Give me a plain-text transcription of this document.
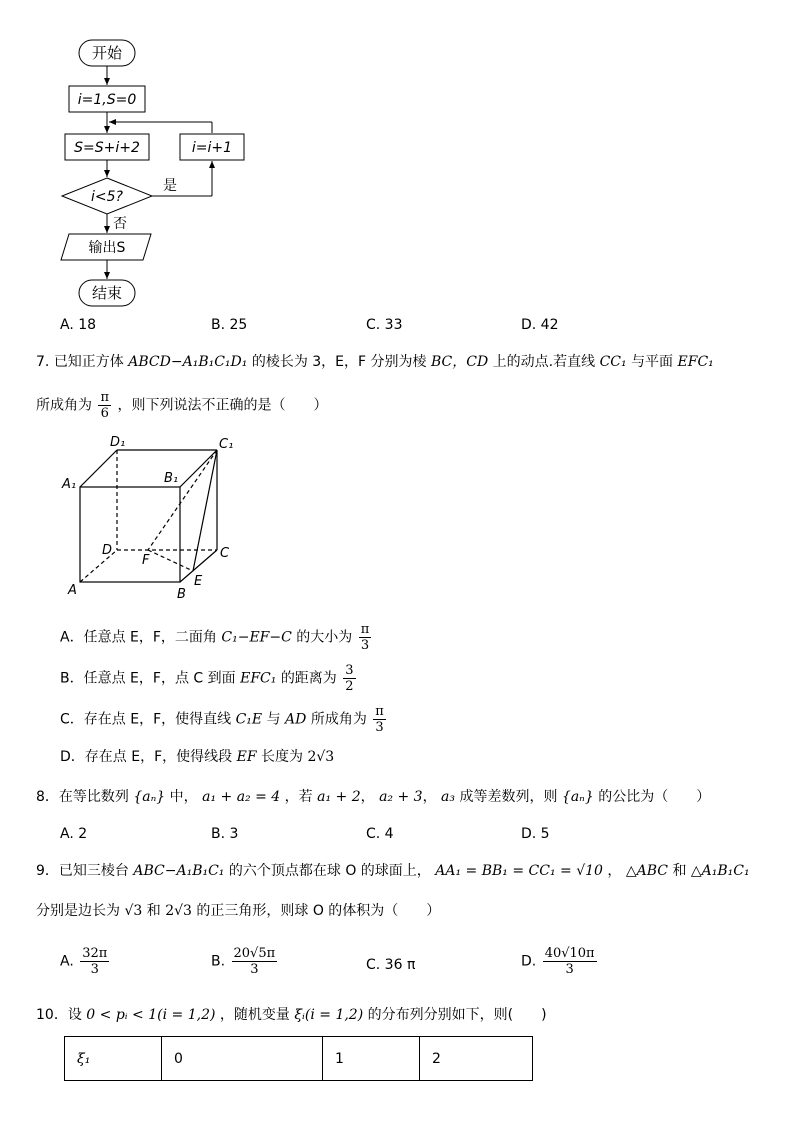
开始
i=1,S=0
S=S+i+2	i=i+1
i<5?
是
否
输出S
结束
A. 18	B. 25	C. 33	D. 42
7. 已知正方体 ABCD−A₁B₁C₁D₁ 的棱长为 3，E，F 分别为棱 BC，CD 上的动点.若直线 CC₁ 与平面 EFC₁
所成角为 $\frac{\pi}{6}$ ，则下列说法不正确的是（　　）
D₁	C₁
A₁	B₁
D	C
F
E
A	B
A．任意点 E，F，二面角 C₁−EF−C 的大小为 $\frac{\pi}{3}$
B．任意点 E，F，点 C 到面 EFC₁ 的距离为 $\frac{3}{2}$
C．存在点 E，F，使得直线 C₁E 与 AD 所成角为 $\frac{\pi}{3}$
D．存在点 E，F，使得线段 EF 长度为 2√3
8．在等比数列 {aₙ} 中， a₁ + a₂ = 4 ，若 a₁ + 2， a₂ + 3， a₃ 成等差数列，则 {aₙ} 的公比为（　　）
A. 2	B. 3	C. 4	D. 5
9．已知三棱台 ABC−A₁B₁C₁ 的六个顶点都在球 O 的球面上， AA₁ = BB₁ = CC₁ = √10 ， △ABC 和 △A₁B₁C₁
分别是边长为 √3 和 2√3 的正三角形，则球 O 的体积为（　　）
A. $\frac{32\pi}{3}$	B. $\frac{20√5\pi}{3}$	C. 36 π	D. $\frac{40√10\pi}{3}$
10．设 0 < pᵢ < 1(i = 1,2) ，随机变量 ξᵢ(i = 1,2) 的分布列分别如下，则(　　)
ξ₁	0	1	2
